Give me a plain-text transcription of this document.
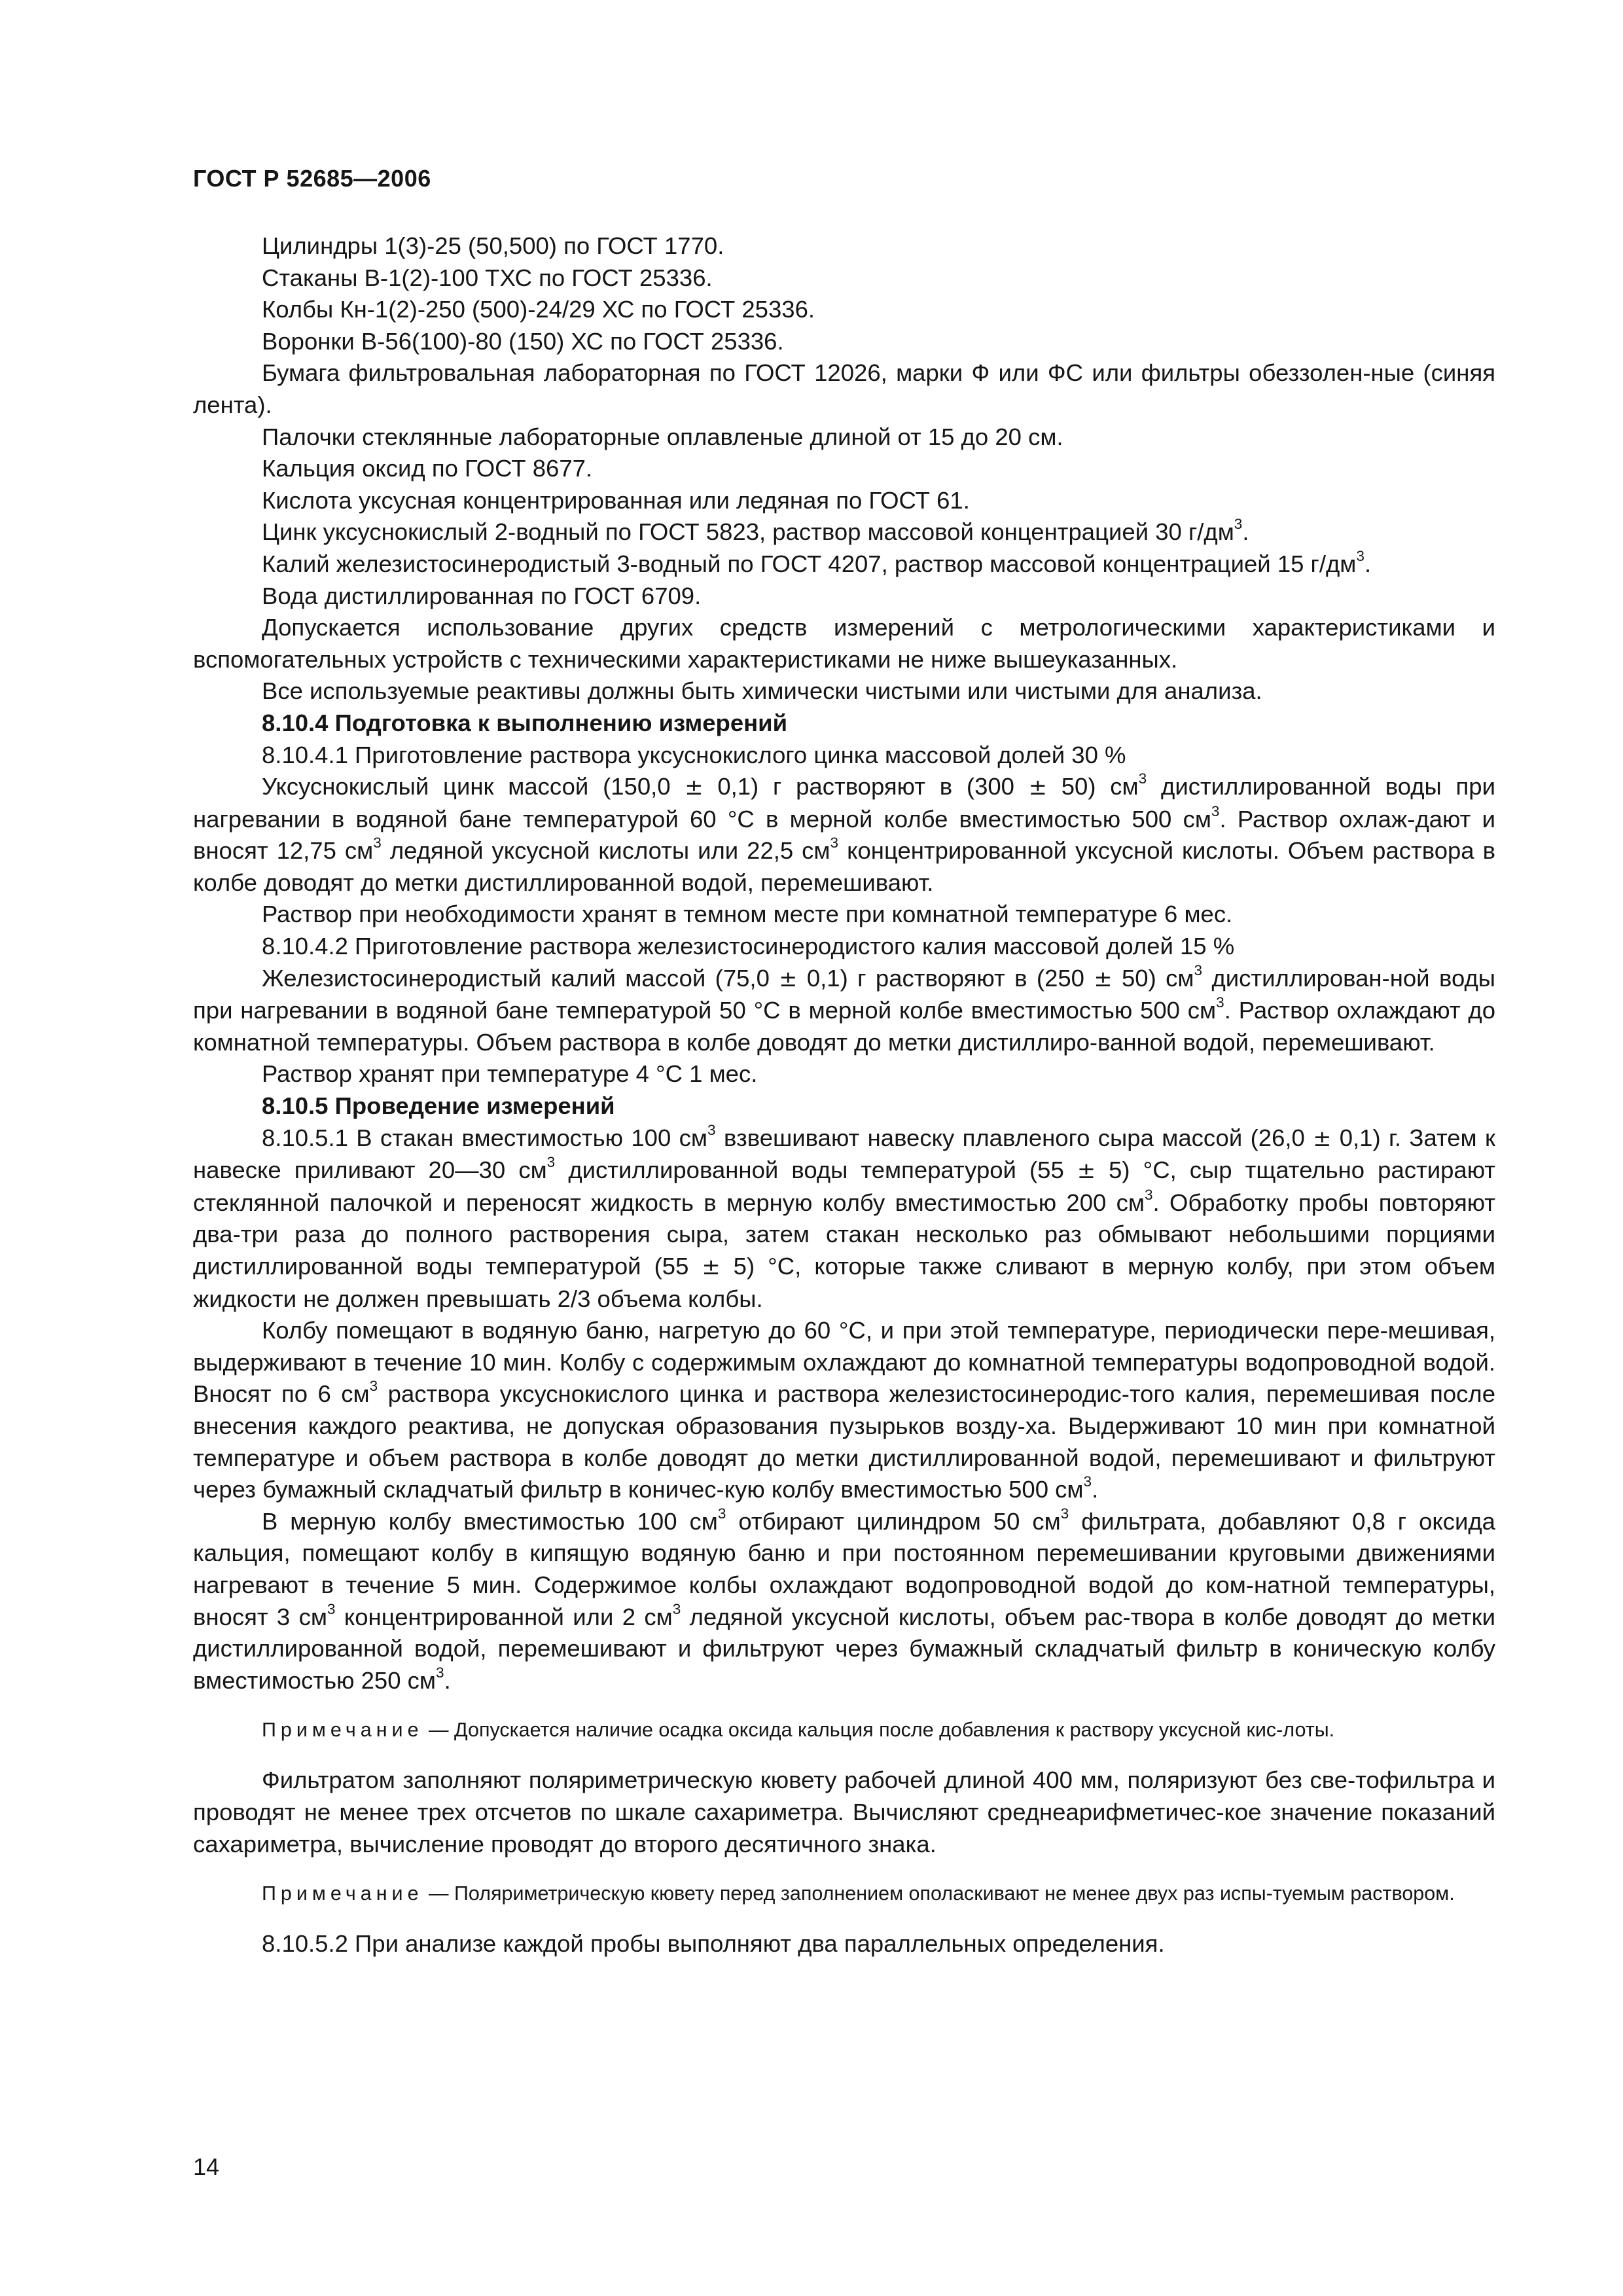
ГОСТ Р 52685—2006

Цилиндры 1(3)-25 (50,500) по ГОСТ 1770.

Стаканы В-1(2)-100 ТХС по ГОСТ 25336.

Колбы Кн-1(2)-250 (500)-24/29 ХС по ГОСТ 25336.

Воронки В-56(100)-80 (150) ХС по ГОСТ 25336.

Бумага фильтровальная лабораторная по ГОСТ 12026, марки Ф или ФС или фильтры обеззолен-ные (синяя лента).

Палочки стеклянные лабораторные оплавленые длиной от 15 до 20 см.

Кальция оксид по ГОСТ 8677.

Кислота уксусная концентрированная или ледяная по ГОСТ 61.

Цинк уксуснокислый 2-водный по ГОСТ 5823, раствор массовой концентрацией 30 $г/дм^3$.

Калий железистосинеродистый 3-водный по ГОСТ 4207, раствор массовой концентрацией 15 $г/дм^3$.

Вода дистиллированная по ГОСТ 6709.

Допускается использование других средств измерений с метрологическими характеристиками и вспомогательных устройств с техническими характеристиками не ниже вышеуказанных.

Все используемые реактивы должны быть химически чистыми или чистыми для анализа.

8.10.4 Подготовка к выполнению измерений

8.10.4.1 Приготовление раствора уксуснокислого цинка массовой долей 30 %

Уксуснокислый цинк массой (150,0 ± 0,1) г растворяют в (300 ± 50) $см^3$ дистиллированной воды при нагревании в водяной бане температурой 60 °С в мерной колбе вместимостью 500 $см^3$. Раствор охлаж-дают и вносят 12,75 $см^3$ ледяной уксусной кислоты или 22,5 $см^3$ концентрированной уксусной кислоты. Объем раствора в колбе доводят до метки дистиллированной водой, перемешивают.

Раствор при необходимости хранят в темном месте при комнатной температуре 6 мес.

8.10.4.2 Приготовление раствора железистосинеродистого калия массовой долей 15 %

Железистосинеродистый калий массой (75,0 ± 0,1) г растворяют в (250 ± 50) $см^3$ дистиллирован-ной воды при нагревании в водяной бане температурой 50 °С в мерной колбе вместимостью 500 $см^3$. Раствор охлаждают до комнатной температуры. Объем раствора в колбе доводят до метки дистиллиро-ванной водой, перемешивают.

Раствор хранят при температуре 4 °С 1 мес.

8.10.5 Проведение измерений

8.10.5.1 В стакан вместимостью 100 $см^3$ взвешивают навеску плавленого сыра массой (26,0 ± 0,1) г. Затем к навеске приливают 20—30 $см^3$ дистиллированной воды температурой (55 ± 5) °С, сыр тщательно растирают стеклянной палочкой и переносят жидкость в мерную колбу вместимостью 200 $см^3$. Обработку пробы повторяют два-три раза до полного растворения сыра, затем стакан несколько раз обмывают небольшими порциями дистиллированной воды температурой (55 ± 5) °С, которые также сливают в мерную колбу, при этом объем жидкости не должен превышать 2/3 объема колбы.

Колбу помещают в водяную баню, нагретую до 60 °С, и при этой температуре, периодически пере-мешивая, выдерживают в течение 10 мин. Колбу с содержимым охлаждают до комнатной температуры водопроводной водой. Вносят по 6 $см^3$ раствора уксуснокислого цинка и раствора железистосинеродис-того калия, перемешивая после внесения каждого реактива, не допуская образования пузырьков возду-ха. Выдерживают 10 мин при комнатной температуре и объем раствора в колбе доводят до метки дистиллированной водой, перемешивают и фильтруют через бумажный складчатый фильтр в коничес-кую колбу вместимостью 500 $см^3$.

В мерную колбу вместимостью 100 $см^3$ отбирают цилиндром 50 $см^3$ фильтрата, добавляют 0,8 г оксида кальция, помещают колбу в кипящую водяную баню и при постоянном перемешивании круговыми движениями нагревают в течение 5 мин. Содержимое колбы охлаждают водопроводной водой до ком-натной температуры, вносят 3 $см^3$ концентрированной или 2 $см^3$ ледяной уксусной кислоты, объем рас-твора в колбе доводят до метки дистиллированной водой, перемешивают и фильтруют через бумажный складчатый фильтр в коническую колбу вместимостью 250 $см^3$.

Примечание — Допускается наличие осадка оксида кальция после добавления к раствору уксусной кис-лоты.

Фильтратом заполняют поляриметрическую кювету рабочей длиной 400 мм, поляризуют без све-тофильтра и проводят не менее трех отсчетов по шкале сахариметра. Вычисляют среднеарифметичес-кое значение показаний сахариметра, вычисление проводят до второго десятичного знака.

Примечание — Поляриметрическую кювету перед заполнением ополаскивают не менее двух раз испы-туемым раствором.

8.10.5.2 При анализе каждой пробы выполняют два параллельных определения.

14
